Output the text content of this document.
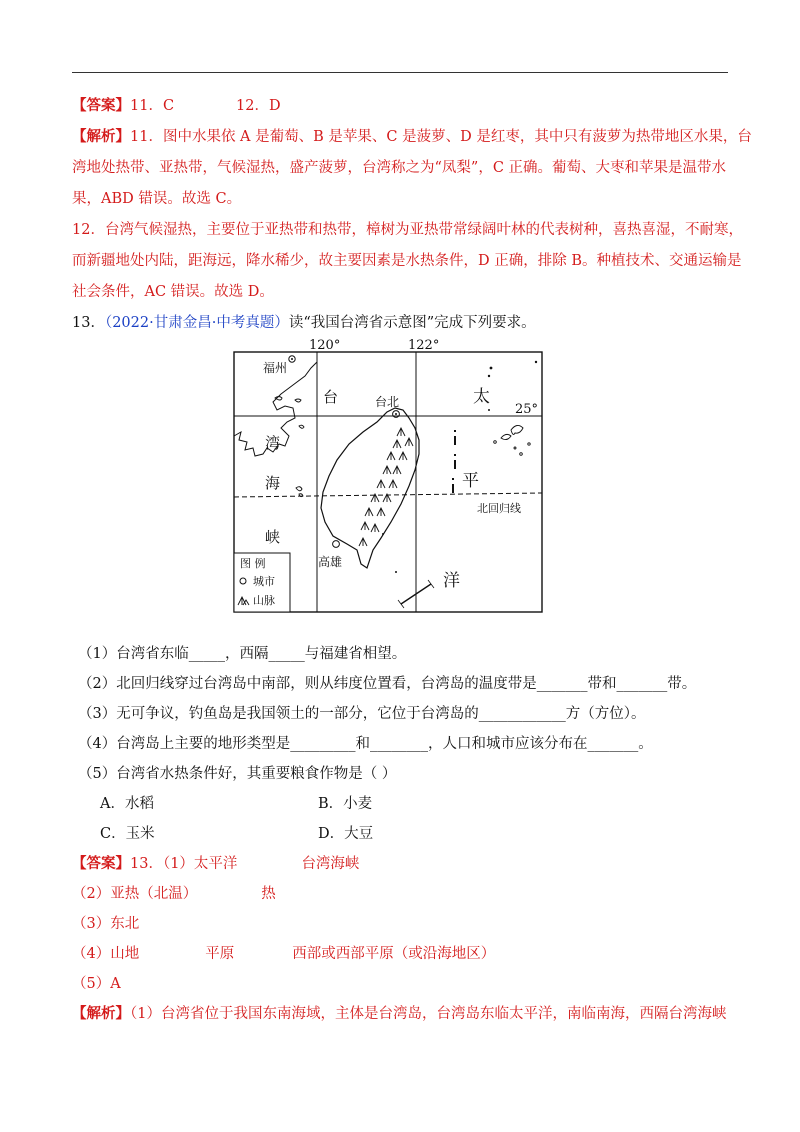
【答案】11．C	12．D
【解析】11．图中水果依 A 是葡萄、B 是苹果、C 是菠萝、D 是红枣，其中只有菠萝为热带地区水果，台
湾地处热带、亚热带，气候湿热，盛产菠萝，台湾称之为“凤梨”，C 正确。葡萄、大枣和苹果是温带水
果，ABD 错误。故选 C。
12．台湾气候湿热，主要位于亚热带和热带，樟树为亚热带常绿阔叶林的代表树种，喜热喜湿，不耐寒，
而新疆地处内陆，距海远，降水稀少，故主要因素是水热条件，D 正确，排除 B。种植技术、交通运输是
社会条件，AC 错误。故选 D。
13．（2022·甘肃金昌·中考真题）读“我国台湾省示意图”完成下列要求。
120°	122°
25°
北回归线
福州
台北
高雄
台
湾
海
峡
太
平
洋
图 例
城市
山脉
（1）台湾省东临_____，西隔_____与福建省相望。
（2）北回归线穿过台湾岛中南部，则从纬度位置看，台湾岛的温度带是_______带和_______带。
（3）无可争议，钓鱼岛是我国领土的一部分，它位于台湾岛的____________方（方位）。
（4）台湾岛上主要的地形类型是_________和________，人口和城市应该分布在_______。
（5）台湾省水热条件好，其重要粮食作物是（ ）
A．水稻	B．小麦
C．玉米	D．大豆
【答案】13．（1）太平洋	台湾海峡
（2）亚热（北温）	热
（3）东北
（4）山地	平原	西部或西部平原（或沿海地区）
（5）A
【解析】（1）台湾省位于我国东南海域，主体是台湾岛，台湾岛东临太平洋，南临南海，西隔台湾海峡
